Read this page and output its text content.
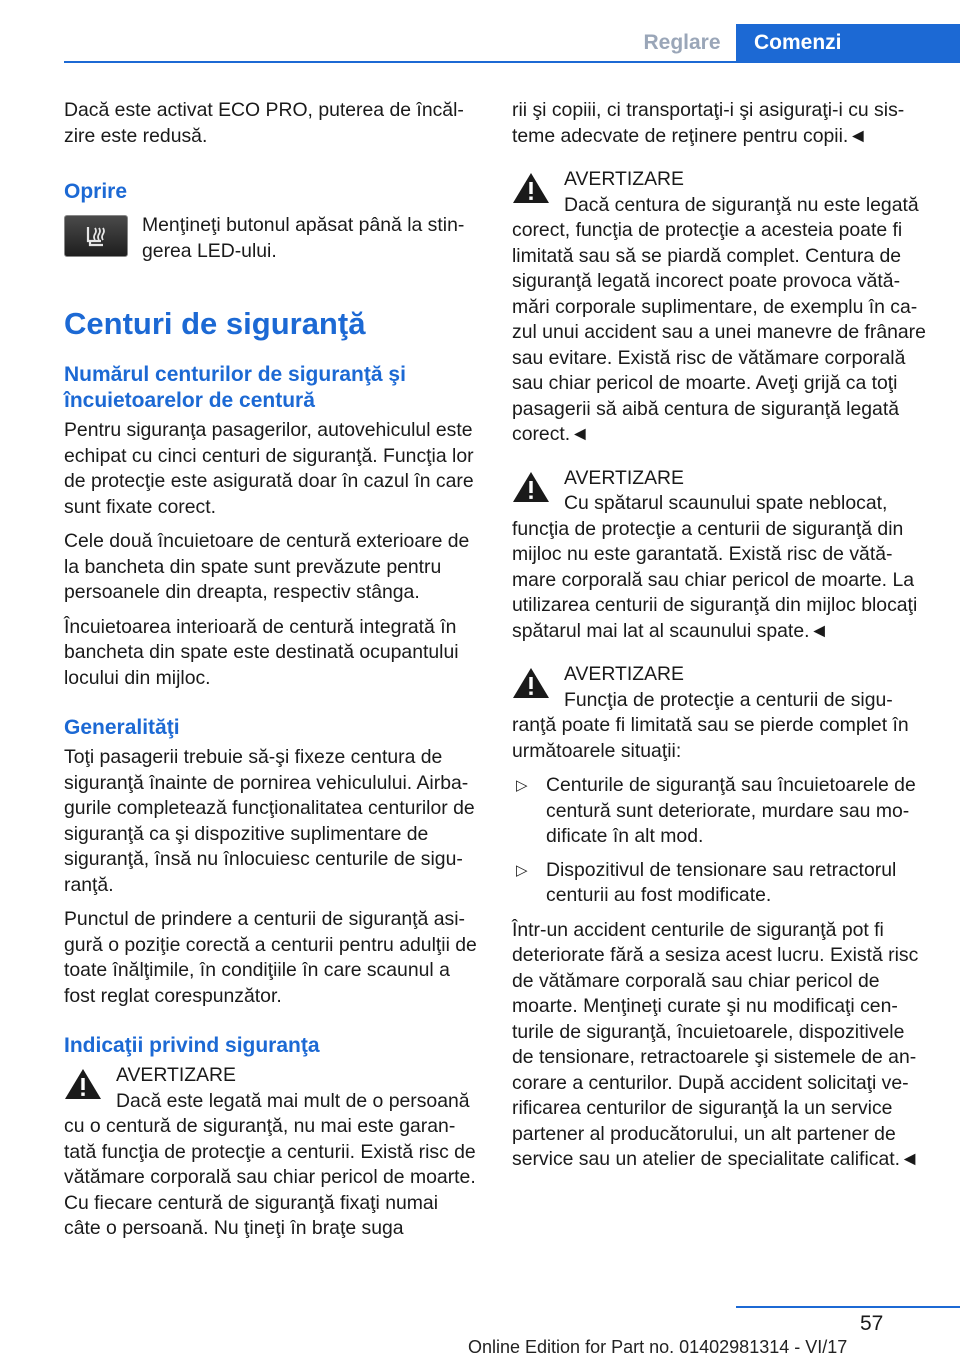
Reglare	Comenzi

Dacă este activat ECO PRO, puterea de încălzire este redusă.

Oprire

Menţineţi butonul apăsat până la stingerea LED-ului.

Centuri de siguranţă
Numărul centurilor de siguranţă şi încuietoarelor de centură

Pentru siguranţa pasagerilor, autovehiculul este echipat cu cinci centuri de siguranţă. Funcţia lor de protecţie este asigurată doar în cazul în care sunt fixate corect.

Cele două încuietoare de centură exterioare de la bancheta din spate sunt prevăzute pentru persoanele din dreapta, respectiv stânga.

Încuietoarea interioară de centură integrată în bancheta din spate este destinată ocupantului locului din mijloc.

Generalităţi

Toţi pasagerii trebuie să-şi fixeze centura de siguranţă înainte de pornirea vehiculului. Airbagurile completează funcţionalitatea centurilor de siguranţă ca şi dispozitive suplimentare de siguranţă, însă nu înlocuiesc centurile de siguranţă.

Punctul de prindere a centurii de siguranţă asigură o poziţie corectă a centurii pentru adulţii de toate înălţimile, în condiţiile în care scaunul a fost reglat corespunzător.

Indicaţii privind siguranţa
AVERTIZARE
Dacă este legată mai mult de o persoană cu o centură de siguranţă, nu mai este garantată funcţia de protecţie a centurii. Există risc de vătămare corporală sau chiar pericol de moarte. Cu fiecare centură de siguranţă fixaţi numai câte o persoană. Nu ţineţi în braţe suga

rii şi copiii, ci transportaţi-i şi asiguraţi-i cu sisteme adecvate de reţinere pentru copii.◄

AVERTIZARE
Dacă centura de siguranţă nu este legată corect, funcţia de protecţie a acesteia poate fi limitată sau să se piardă complet. Centura de siguranţă legată incorect poate provoca vătămări corporale suplimentare, de exemplu în cazul unui accident sau a unei manevre de frânare sau evitare. Există risc de vătămare corporală sau chiar pericol de moarte. Aveţi grijă ca toţi pasagerii să aibă centura de siguranţă legată corect.◄
AVERTIZARE
Cu spătarul scaunului spate neblocat, funcţia de protecţie a centurii de siguranţă din mijloc nu este garantată. Există risc de vătămare corporală sau chiar pericol de moarte. La utilizarea centurii de siguranţă din mijloc blocaţi spătarul mai lat al scaunului spate.◄
AVERTIZARE
Funcţia de protecţie a centurii de siguranţă poate fi limitată sau se pierde complet în următoarele situaţii:
▷ Centurile de siguranţă sau încuietoarele de centură sunt deteriorate, murdare sau modificate în alt mod.
▷ Dispozitivul de tensionare sau retractorul centurii au fost modificate.

Într-un accident centurile de siguranţă pot fi deteriorate fără a sesiza acest lucru. Există risc de vătămare corporală sau chiar pericol de moarte. Menţineţi curate şi nu modificaţi centurile de siguranţă, încuietoarele, dispozitivele de tensionare, retractoarele şi sistemele de ancorare a centurilor. După accident solicitaţi verificarea centurilor de siguranţă la un service partener al producătorului, un alt partener de service sau un atelier de specialitate calificat.◄

57
Online Edition for Part no. 01402981314 - VI/17
